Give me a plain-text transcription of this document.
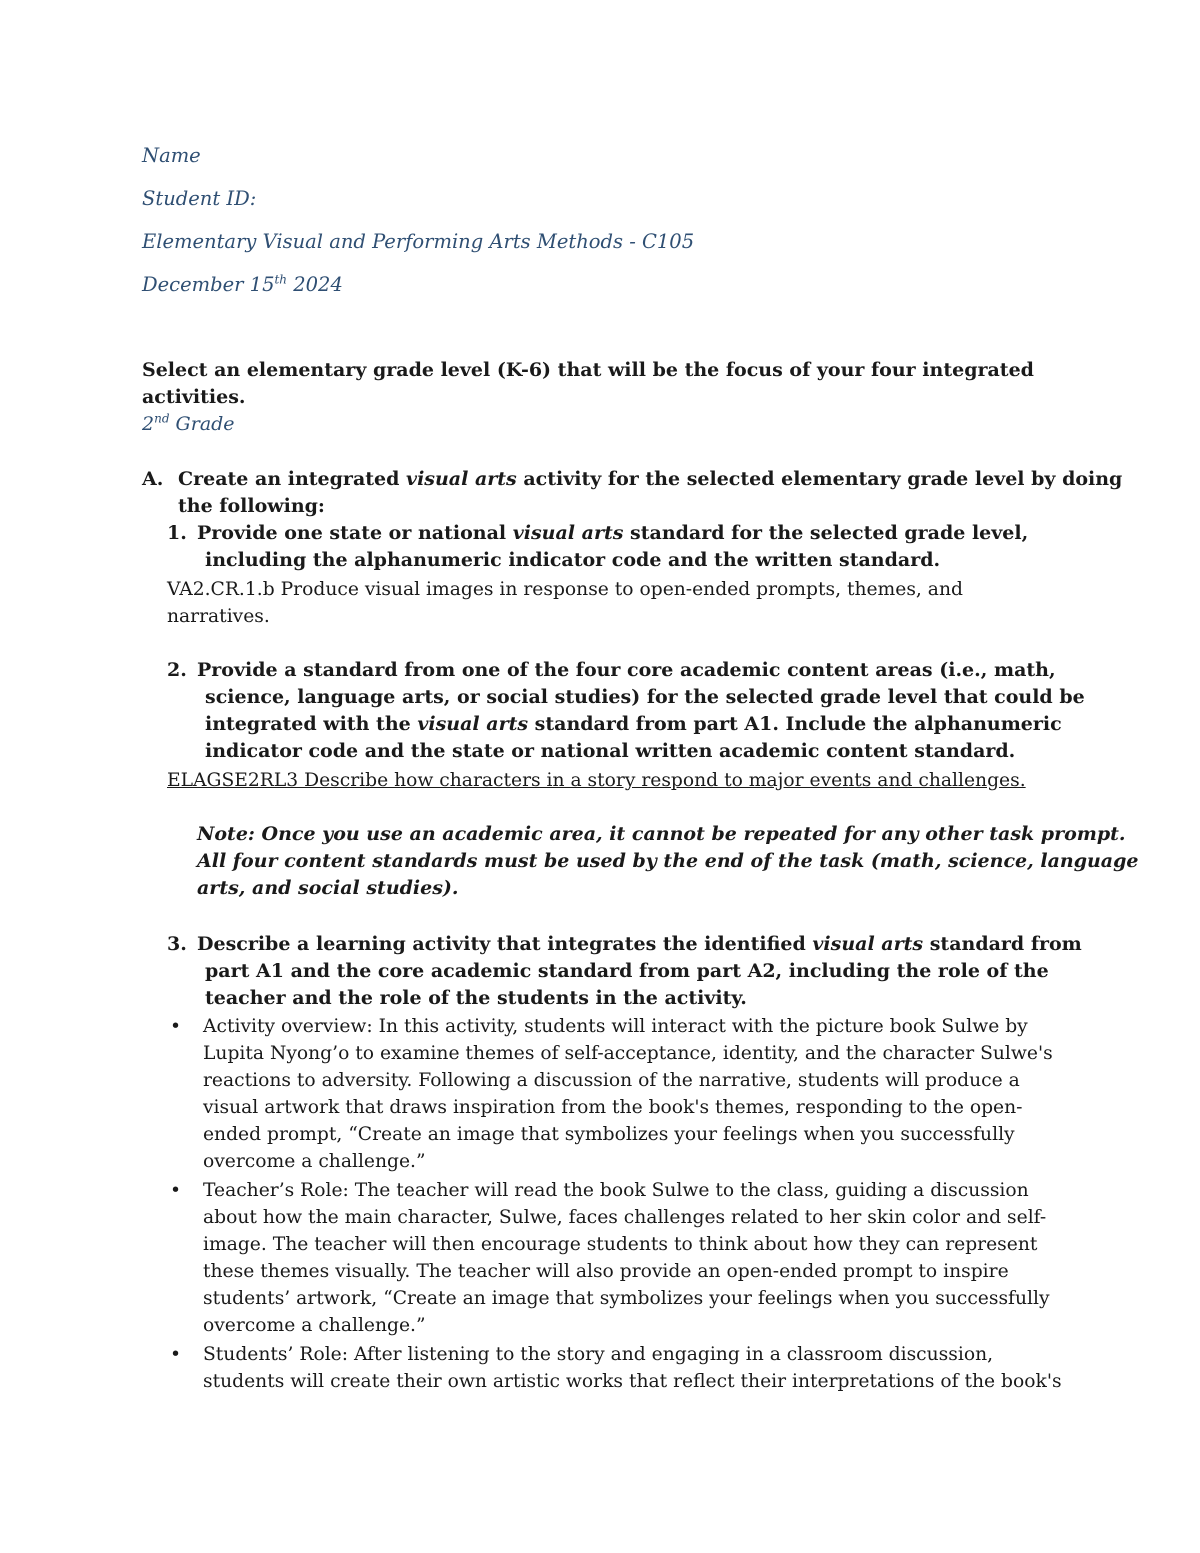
Name
Student ID:
Elementary Visual and Performing Arts Methods - C105
December 15th 2024
Select an elementary grade level (K-6) that will be the focus of your four integrated
activities.
2nd Grade
A. Create an integrated visual arts activity for the selected elementary grade level by doing
the following:
1. Provide one state or national visual arts standard for the selected grade level,
including the alphanumeric indicator code and the written standard.
VA2.CR.1.b Produce visual images in response to open-ended prompts, themes, and
narratives.
2. Provide a standard from one of the four core academic content areas (i.e., math,
science, language arts, or social studies) for the selected grade level that could be
integrated with the visual arts standard from part A1. Include the alphanumeric
indicator code and the state or national written academic content standard.
ELAGSE2RL3 Describe how characters in a story respond to major events and challenges.
Note: Once you use an academic area, it cannot be repeated for any other task prompt.
All four content standards must be used by the end of the task (math, science, language
arts, and social studies).
3. Describe a learning activity that integrates the identified visual arts standard from
part A1 and the core academic standard from part A2, including the role of the
teacher and the role of the students in the activity.
• Activity overview: In this activity, students will interact with the picture book Sulwe by
Lupita Nyong’o to examine themes of self-acceptance, identity, and the character Sulwe's
reactions to adversity. Following a discussion of the narrative, students will produce a
visual artwork that draws inspiration from the book's themes, responding to the open-
ended prompt, “Create an image that symbolizes your feelings when you successfully
overcome a challenge.”
• Teacher’s Role: The teacher will read the book Sulwe to the class, guiding a discussion
about how the main character, Sulwe, faces challenges related to her skin color and self-
image. The teacher will then encourage students to think about how they can represent
these themes visually. The teacher will also provide an open-ended prompt to inspire
students’ artwork, “Create an image that symbolizes your feelings when you successfully
overcome a challenge.”
• Students’ Role: After listening to the story and engaging in a classroom discussion,
students will create their own artistic works that reflect their interpretations of the book's
